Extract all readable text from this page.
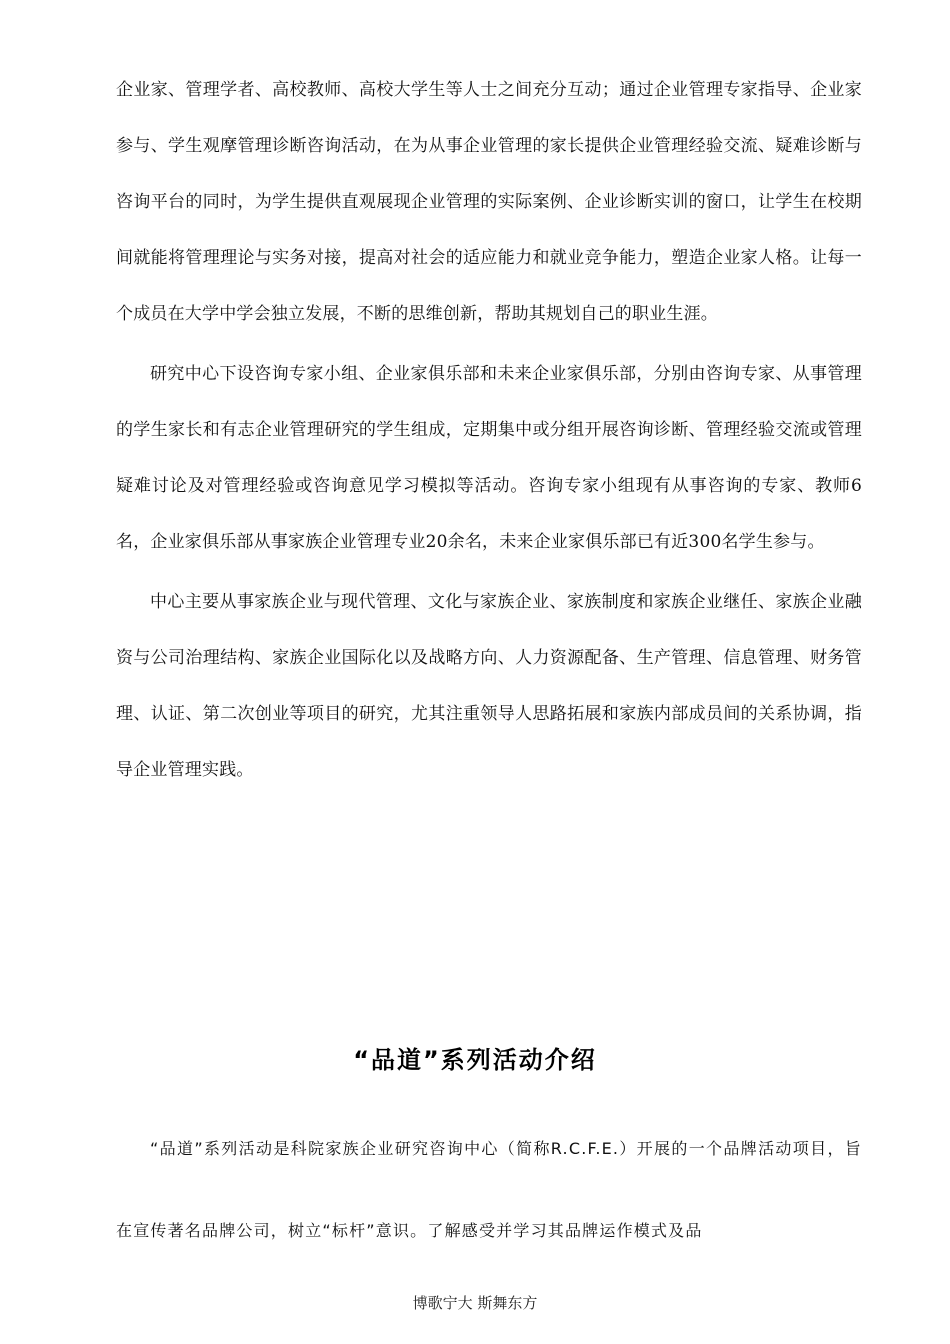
企业家、管理学者、高校教师、高校大学生等人士之间充分互动；通过企业管理专家指导、企业家参与、学生观摩管理诊断咨询活动，在为从事企业管理的家长提供企业管理经验交流、疑难诊断与咨询平台的同时，为学生提供直观展现企业管理的实际案例、企业诊断实训的窗口，让学生在校期间就能将管理理论与实务对接，提高对社会的适应能力和就业竞争能力，塑造企业家人格。让每一个成员在大学中学会独立发展，不断的思维创新，帮助其规划自己的职业生涯。

研究中心下设咨询专家小组、企业家俱乐部和未来企业家俱乐部，分别由咨询专家、从事管理的学生家长和有志企业管理研究的学生组成，定期集中或分组开展咨询诊断、管理经验交流或管理疑难讨论及对管理经验或咨询意见学习模拟等活动。咨询专家小组现有从事咨询的专家、教师6名，企业家俱乐部从事家族企业管理专业20余名，未来企业家俱乐部已有近300名学生参与。

中心主要从事家族企业与现代管理、文化与家族企业、家族制度和家族企业继任、家族企业融资与公司治理结构、家族企业国际化以及战略方向、人力资源配备、生产管理、信息管理、财务管理、认证、第二次创业等项目的研究，尤其注重领导人思路拓展和家族内部成员间的关系协调，指导企业管理实践。

“品道”系列活动介绍

“品道”系列活动是科院家族企业研究咨询中心（简称R.C.F.E.）开展的一个品牌活动项目，旨在宣传著名品牌公司，树立“标杆”意识。了解感受并学习其品牌运作模式及品

博歌宁大 斯舞东方
